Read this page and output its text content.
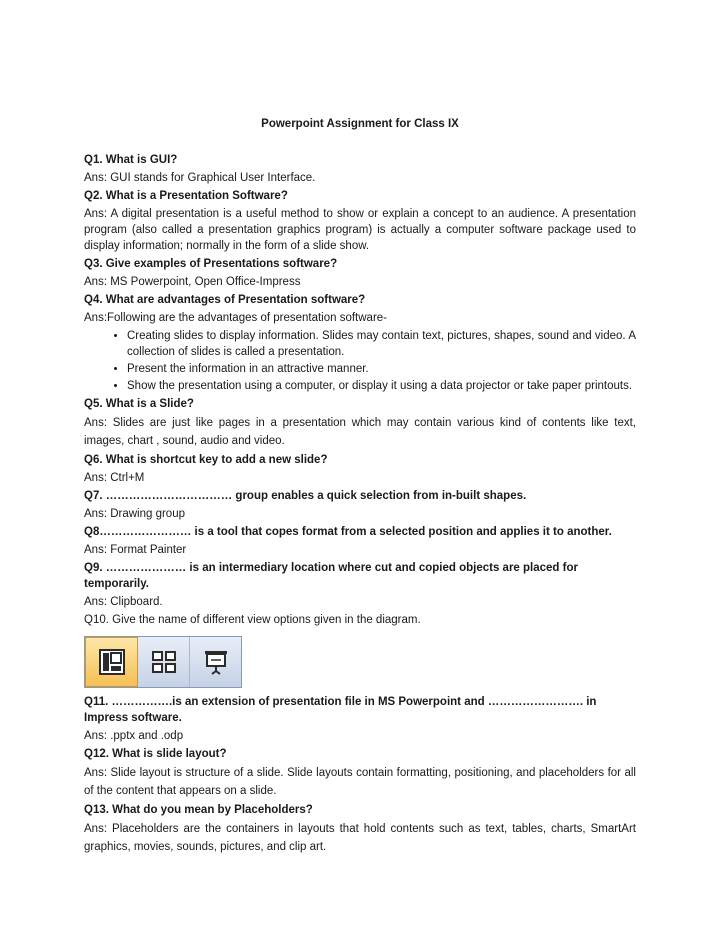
Powerpoint Assignment for Class IX

Q1. What is GUI?

Ans: GUI stands for Graphical User Interface.

Q2. What is a Presentation Software?

Ans: A digital presentation is a useful method to show or explain a concept to an audience. A presentation program (also called a presentation graphics program) is actually a computer software package used to display information; normally in the form of a slide show.

Q3. Give examples of Presentations software?

Ans: MS Powerpoint, Open Office-Impress

Q4. What are advantages of Presentation software?

Ans:Following are the advantages of presentation software-

• Creating slides to display information. Slides may contain text, pictures, shapes, sound and video. A collection of slides is called a presentation.
• Present the information in an attractive manner.
• Show the presentation using a computer, or display it using a data projector or take paper printouts.

Q5. What is a Slide?

Ans: Slides are just like pages in a presentation which may contain various kind of contents like text, images, chart , sound, audio and video.

Q6. What is shortcut key to add a new slide?

Ans: Ctrl+M

Q7. …………………………… group enables a quick selection from in-built shapes.

Ans: Drawing group

Q8…………………… is a tool that copes format from a selected position and applies it to another.

Ans: Format Painter

Q9. ………………… is an intermediary location where cut and copied objects are placed for temporarily.

Ans: Clipboard.

Q10. Give the name of different view options given in the diagram.

Q11. …………….is an extension of presentation file in MS Powerpoint and ……………………. in Impress software.

Ans: .pptx and .odp

Q12. What is slide layout?

Ans: Slide layout is structure of a slide. Slide layouts contain formatting, positioning, and placeholders for all of the content that appears on a slide.

Q13. What do you mean by Placeholders?

Ans: Placeholders are the containers in layouts that hold contents such as text, tables, charts, SmartArt graphics, movies, sounds, pictures, and clip art.
